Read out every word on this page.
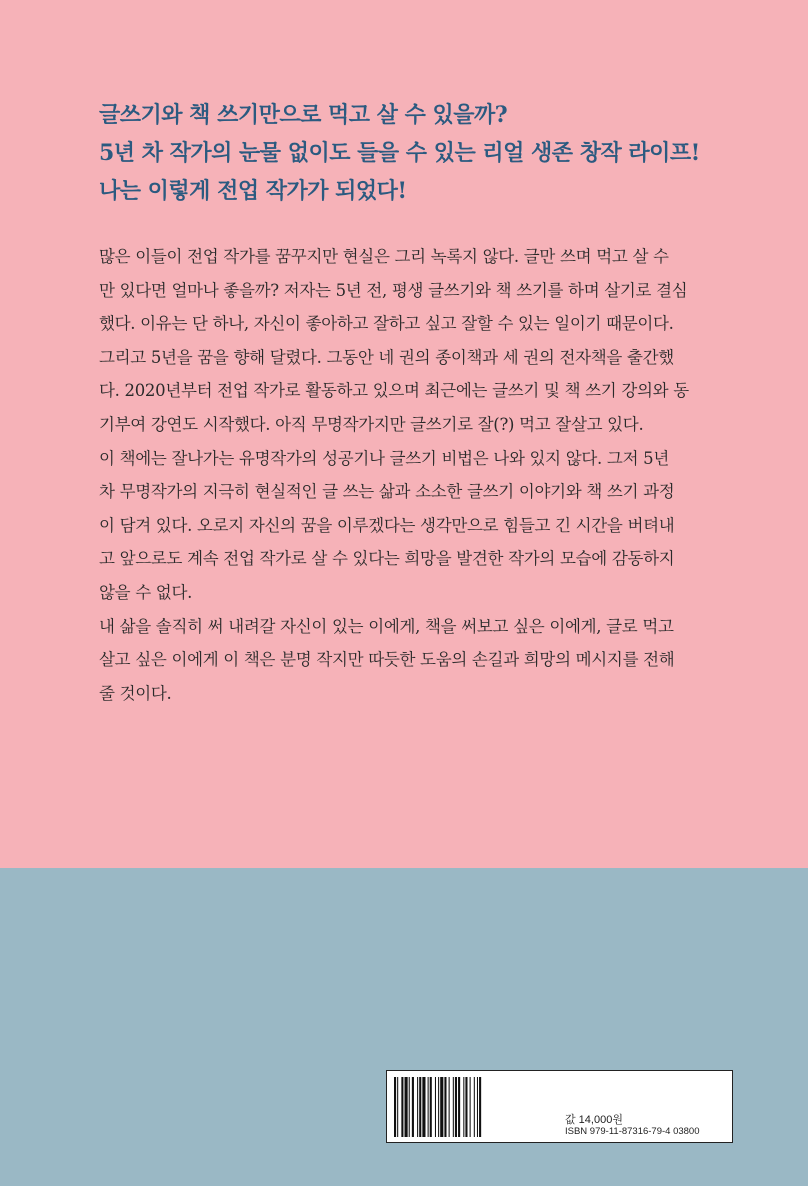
글쓰기와 책 쓰기만으로 먹고 살 수 있을까?
5년 차 작가의 눈물 없이도 들을 수 있는 리얼 생존 창작 라이프!
나는 이렇게 전업 작가가 되었다!
많은 이들이 전업 작가를 꿈꾸지만 현실은 그리 녹록지 않다. 글만 쓰며 먹고 살 수
만 있다면 얼마나 좋을까? 저자는 5년 전, 평생 글쓰기와 책 쓰기를 하며 살기로 결심
했다. 이유는 단 하나, 자신이 좋아하고 잘하고 싶고 잘할 수 있는 일이기 때문이다.
그리고 5년을 꿈을 향해 달렸다. 그동안 네 권의 종이책과 세 권의 전자책을 출간했
다. 2020년부터 전업 작가로 활동하고 있으며 최근에는 글쓰기 및 책 쓰기 강의와 동
기부여 강연도 시작했다. 아직 무명작가지만 글쓰기로 잘(?) 먹고 잘살고 있다.
이 책에는 잘나가는 유명작가의 성공기나 글쓰기 비법은 나와 있지 않다. 그저 5년
차 무명작가의 지극히 현실적인 글 쓰는 삶과 소소한 글쓰기 이야기와 책 쓰기 과정
이 담겨 있다. 오로지 자신의 꿈을 이루겠다는 생각만으로 힘들고 긴 시간을 버텨내
고 앞으로도 계속 전업 작가로 살 수 있다는 희망을 발견한 작가의 모습에 감동하지
않을 수 없다.
내 삶을 솔직히 써 내려갈 자신이 있는 이에게, 책을 써보고 싶은 이에게, 글로 먹고
살고 싶은 이에게 이 책은 분명 작지만 따듯한 도움의 손길과 희망의 메시지를 전해
줄 것이다.
값 14,000원
ISBN 979-11-87316-79-4 03800
